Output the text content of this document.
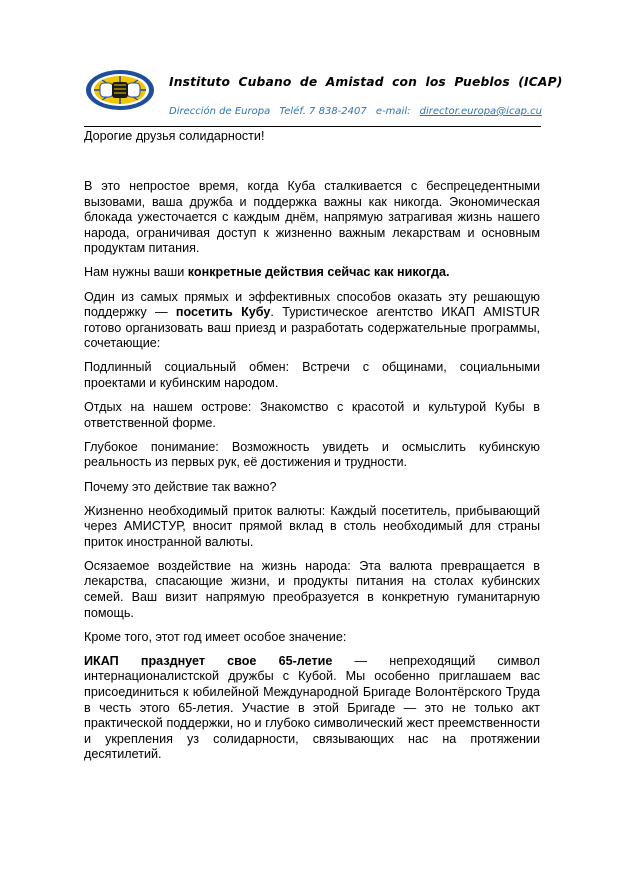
Instituto Cubano de Amistad con los Pueblos (ICAP)
Dirección de Europa Teléf. 7 838-2407 e-mail: director.europa@icap.cu
Дорогие друзья солидарности!

В это непростое время, когда Куба сталкивается с беспрецедентными вызовами, ваша дружба и поддержка важны как никогда. Экономическая блокада ужесточается с каждым днём, напрямую затрагивая жизнь нашего народа, ограничивая доступ к жизненно важным лекарствам и основным продуктам питания.

Нам нужны ваши конкретные действия сейчас как никогда.

Один из самых прямых и эффективных способов оказать эту решающую поддержку — посетить Кубу. Туристическое агентство ИКАП AMISTUR готово организовать ваш приезд и разработать содержательные программы, сочетающие:

Подлинный социальный обмен: Встречи с общинами, социальными проектами и кубинским народом.

Отдых на нашем острове: Знакомство с красотой и культурой Кубы в ответственной форме.

Глубокое понимание: Возможность увидеть и осмыслить кубинскую реальность из первых рук, её достижения и трудности.

Почему это действие так важно?

Жизненно необходимый приток валюты: Каждый посетитель, прибывающий через АМИСТУР, вносит прямой вклад в столь необходимый для страны приток иностранной валюты.

Осязаемое воздействие на жизнь народа: Эта валюта превращается в лекарства, спасающие жизни, и продукты питания на столах кубинских семей. Ваш визит напрямую преобразуется в конкретную гуманитарную помощь.

Кроме того, этот год имеет особое значение:

ИКАП празднует свое 65-летие — непреходящий символ интернационалистской дружбы с Кубой. Мы особенно приглашаем вас присоединиться к юбилейной Международной Бригаде Волонтёрского Труда в честь этого 65-летия. Участие в этой Бригаде — это не только акт практической поддержки, но и глубоко символический жест преемственности и укрепления уз солидарности, связывающих нас на протяжении десятилетий.
